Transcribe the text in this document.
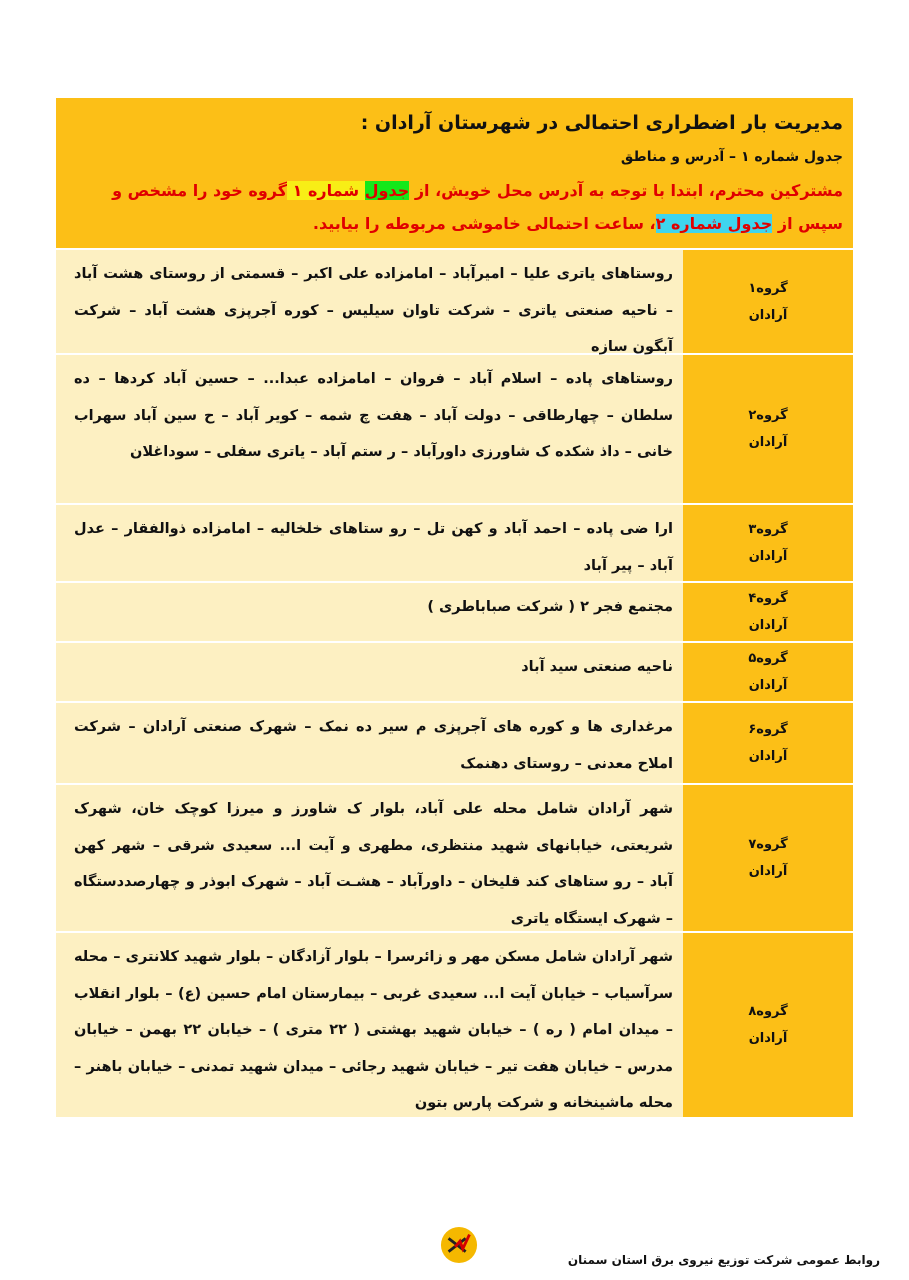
مدیریت بار اضطراری احتمالی در شهرستان آرادان :
جدول شماره ۱ – آدرس و مناطق
مشترکین محترم، ابتدا با توجه به آدرس محل خویش، از جدول شماره ۱ گروه خود را مشخص و سپس از جدول شماره ۲، ساعت احتمالی خاموشی مربوطه را بیابید.
گروه۱
آرادان
روستاهای یاتری علیا – امیرآباد – امامزاده علی اکبر – قسمتی از روستای هشت آباد – ناحیه صنعتی یاتری – شرکت تاوان سیلیس – کوره آجرپزی هشت آباد – شرکت آبگون سازه
گروه۲
آرادان
روستاهای پاده – اسلام آباد – فروان – امامزاده عبدا... – حسین آباد کردها – ده سلطان – چهارطاقی – دولت آباد – هفت چ شمه – کویر آباد – ح سین آباد سهراب خانی – داذ شکده ک شاورزی داورآباد – ر ستم آباد – یاتری سفلی – سوداغلان
گروه۳
آرادان
ارا ضی پاده – احمد آباد و کهن تل – رو ستاهای خلخالیه – امامزاده ذوالفقار – عدل آباد – پیر آباد
گروه۴
آرادان
مجتمع فجر ۲ ( شرکت صباباطری )
گروه۵
آرادان
ناحیه صنعتی سید آباد
گروه۶
آرادان
مرغداری ها و کوره های آجرپزی م سیر ده نمک – شهرک صنعتی آرادان – شرکت املاح معدنی – روستای دهنمک
گروه۷
آرادان
شهر آرادان شامل محله علی آباد، بلوار ک شاورز و میرزا کوچک خان، شهرک شریعتی، خیابانهای شهید منتظری، مطهری و آیت ا... سعیدی شرقی – شهر کهن آباد – رو ستاهای کند قلیخان – داورآباد – هشـت آباد – شهرک ابوذر و چهارصددستگاه – شهرک ایستگاه یاتری
گروه۸
آرادان
شهر آرادان شامل مسکن مهر و زائرسرا – بلوار آزادگان – بلوار شهید کلانتری – محله سرآسیاب – خیابان آیت ا... سعیدی غربی – بیمارستان امام حسین (ع) – بلوار انقلاب – میدان امام ( ره ) – خیابان شهید بهشتی ( ۲۲ متری ) – خیابان ۲۲ بهمن – خیابان مدرس – خیابان هفت تیر – خیابان شهید رجائی – میدان شهید تمدنی – خیابان باهنر – محله ماشینخانه و شرکت پارس بتون
روابط عمومی شرکت توزیع نیروی برق استان سمنان
